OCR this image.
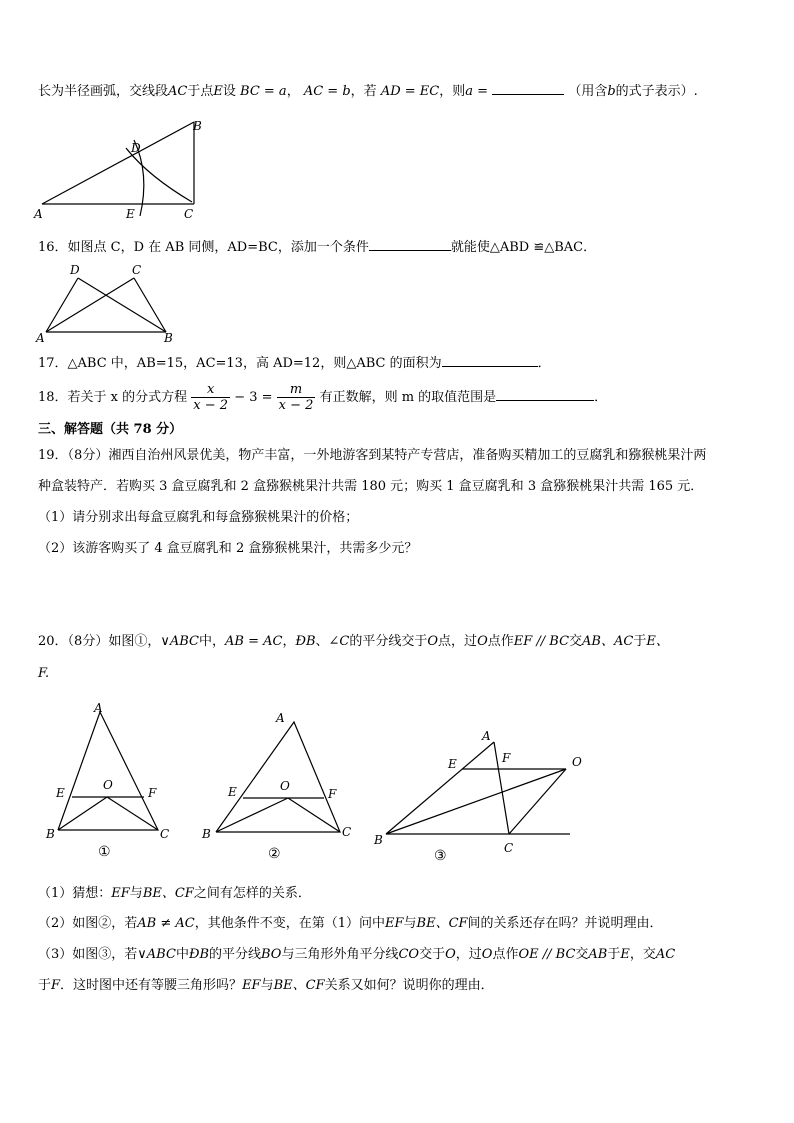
长为半径画弧，交线段AC于点E设 BC = a， AC = b，若 AD = EC，则a =	（用含b的式子表示）.
A
B
C
D
E
16．如图点 C，D 在 AB 同侧，AD=BC，添加一个条件	就能使△ABD ≌△BAC．
A	B
D	C
17．△ABC 中，AB=15，AC=13，高 AD=12，则△ABC 的面积为	．
18．若关于 x 的分式方程 $\frac{x}{x - 2} - 3 = \frac{m}{x - 2}$ 有正数解，则 m 的取值范围是	．
三、解答题（共 78 分）
19．（8分）湘西自治州风景优美，物产丰富，一外地游客到某特产专营店，准备购买精加工的豆腐乳和猕猴桃果汁两
种盒装特产．若购买 3 盒豆腐乳和 2 盒猕猴桃果汁共需 180 元；购买 1 盒豆腐乳和 3 盒猕猴桃果汁共需 165 元．
（1）请分别求出每盒豆腐乳和每盒猕猴桃果汁的价格；
（2）该游客购买了 4 盒豆腐乳和 2 盒猕猴桃果汁，共需多少元？
20．（8分）如图①，∨ABC中，AB = AC，ÐB、∠C的平分线交于O点，过O点作EF // BC交AB、AC于E、
F.
A
B	C
E	F
O
①
A
B	C
E	F
O
②
A
B
C
E	F	O
③
（1）猜想：EF与BE、CF之间有怎样的关系．
（2）如图②，若AB ≠ AC，其他条件不变，在第（1）问中EF与BE、CF间的关系还存在吗？并说明理由．
（3）如图③，若∨ABC中ÐB的平分线BO与三角形外角平分线CO交于O，过O点作OE // BC交AB于E，交AC
于F．这时图中还有等腰三角形吗？EF与BE、CF关系又如何？说明你的理由．
